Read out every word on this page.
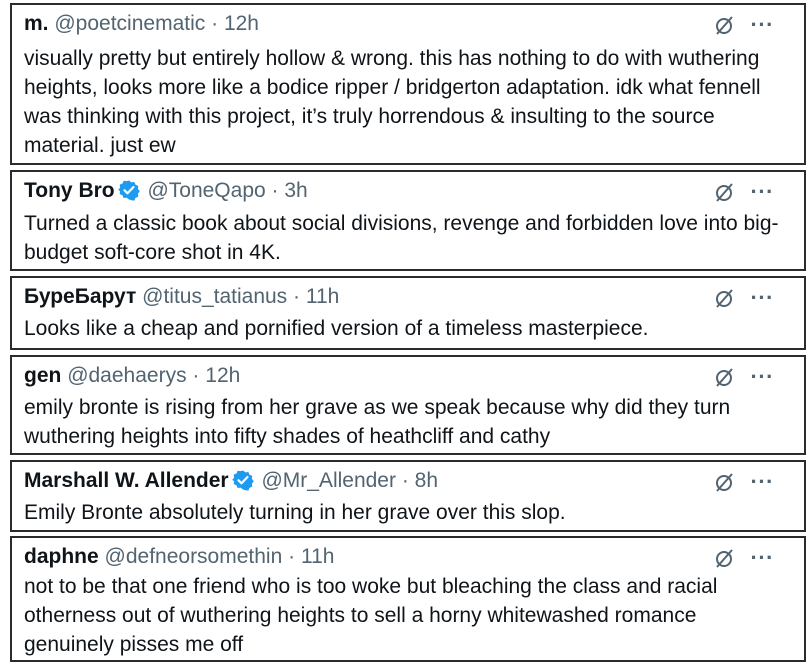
m. @poetcinematic · 12h	···
visually pretty but entirely hollow & wrong. this has nothing to do with wuthering heights, looks more like a bodice ripper / bridgerton adaptation. idk what fennell was thinking with this project, it’s truly horrendous & insulting to the source material. just ew
Tony Bro @ToneQapo · 3h	···
Turned a classic book about social divisions, revenge and forbidden love into big-budget soft-core shot in 4K.
БуреБарут @titus_tatianus · 11h	···
Looks like a cheap and pornified version of a timeless masterpiece.
gen @daehaerys · 12h	···
emily bronte is rising from her grave as we speak because why did they turn wuthering heights into fifty shades of heathcliff and cathy
Marshall W. Allender @Mr_Allender · 8h	···
Emily Bronte absolutely turning in her grave over this slop.
daphne @defneorsomethin · 11h	···
not to be that one friend who is too woke but bleaching the class and racial otherness out of wuthering heights to sell a horny whitewashed romance genuinely pisses me off
